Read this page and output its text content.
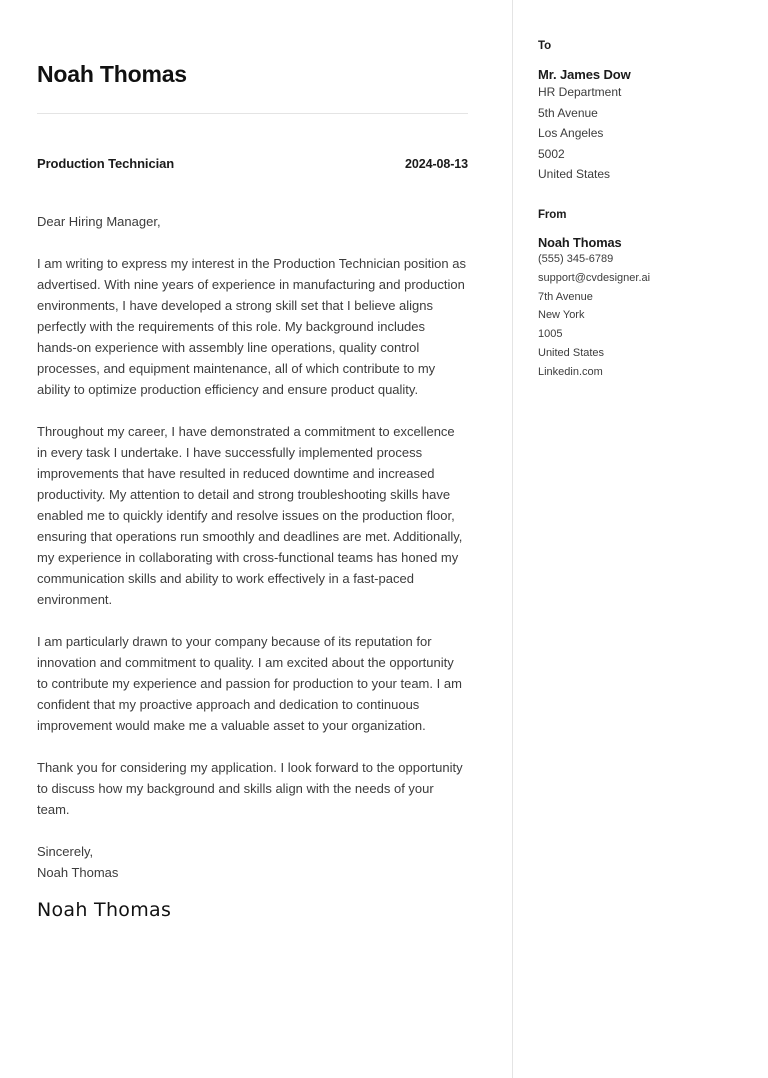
Noah Thomas
Production Technician	2024-08-13
Dear Hiring Manager,

I am writing to express my interest in the Production Technician position as advertised. With nine years of experience in manufacturing and production environments, I have developed a strong skill set that I believe aligns perfectly with the requirements of this role. My background includes hands-on experience with assembly line operations, quality control processes, and equipment maintenance, all of which contribute to my ability to optimize production efficiency and ensure product quality.

Throughout my career, I have demonstrated a commitment to excellence in every task I undertake. I have successfully implemented process improvements that have resulted in reduced downtime and increased productivity. My attention to detail and strong troubleshooting skills have enabled me to quickly identify and resolve issues on the production floor, ensuring that operations run smoothly and deadlines are met. Additionally, my experience in collaborating with cross-functional teams has honed my communication skills and ability to work effectively in a fast-paced environment.

I am particularly drawn to your company because of its reputation for innovation and commitment to quality. I am excited about the opportunity to contribute my experience and passion for production to your team. I am confident that my proactive approach and dedication to continuous improvement would make me a valuable asset to your organization.

Thank you for considering my application. I look forward to the opportunity to discuss how my background and skills align with the needs of your team.

Sincerely,
Noah Thomas
Noah Thomas
To
Mr. James Dow
HR Department
5th Avenue
Los Angeles
5002
United States
From
Noah Thomas
(555) 345-6789
support@cvdesigner.ai
7th Avenue
New York
1005
United States
Linkedin.com
